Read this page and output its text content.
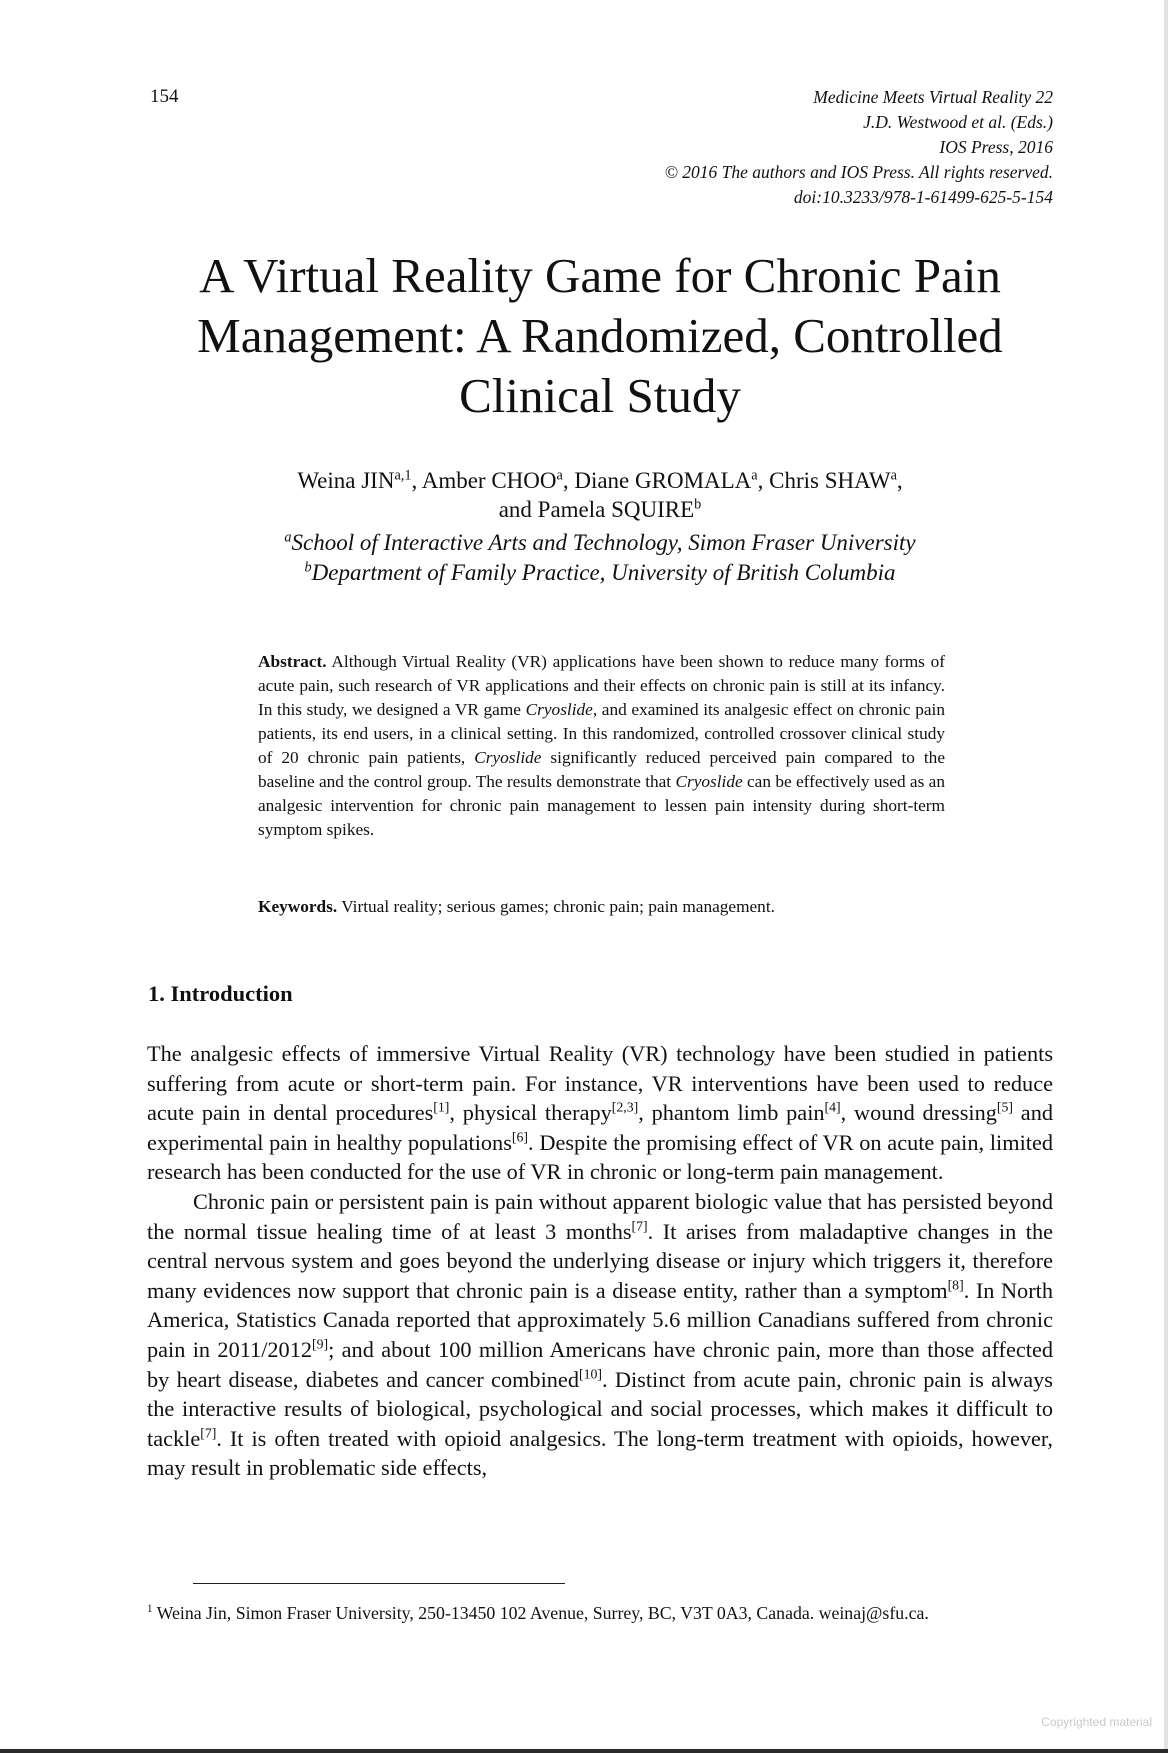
154	Medicine Meets Virtual Reality 22
J.D. Westwood et al. (Eds.)
IOS Press, 2016
© 2016 The authors and IOS Press. All rights reserved.
doi:10.3233/978-1-61499-625-5-154
A Virtual Reality Game for Chronic Pain
Management: A Randomized, Controlled
Clinical Study
Weina JIN$^{a,1}$, Amber CHOO$^a$, Diane GROMALA$^a$, Chris SHAW$^a$,
and Pamela SQUIRE$^b$
$^a$School of Interactive Arts and Technology, Simon Fraser University
$^b$Department of Family Practice, University of British Columbia
Abstract. Although Virtual Reality (VR) applications have been shown to reduce many forms of acute pain, such research of VR applications and their effects on chronic pain is still at its infancy. In this study, we designed a VR game Cryoslide, and examined its analgesic effect on chronic pain patients, its end users, in a clinical setting. In this randomized, controlled crossover clinical study of 20 chronic pain patients, Cryoslide significantly reduced perceived pain compared to the baseline and the control group. The results demonstrate that Cryoslide can be effectively used as an analgesic intervention for chronic pain management to lessen pain intensity during short-term symptom spikes.
Keywords. Virtual reality; serious games; chronic pain; pain management.
1. Introduction

The analgesic effects of immersive Virtual Reality (VR) technology have been studied in patients suffering from acute or short-term pain. For instance, VR interventions have been used to reduce acute pain in dental procedures[1], physical therapy[2,3], phantom limb pain[4], wound dressing[5] and experimental pain in healthy populations[6]. Despite the promising effect of VR on acute pain, limited research has been conducted for the use of VR in chronic or long-term pain management.

Chronic pain or persistent pain is pain without apparent biologic value that has persisted beyond the normal tissue healing time of at least 3 months[7]. It arises from maladaptive changes in the central nervous system and goes beyond the underlying disease or injury which triggers it, therefore many evidences now support that chronic pain is a disease entity, rather than a symptom[8]. In North America, Statistics Canada reported that approximately 5.6 million Canadians suffered from chronic pain in 2011/2012[9]; and about 100 million Americans have chronic pain, more than those affected by heart disease, diabetes and cancer combined[10]. Distinct from acute pain, chronic pain is always the interactive results of biological, psychological and social processes, which makes it difficult to tackle[7]. It is often treated with opioid analgesics. The long-term treatment with opioids, however, may result in problematic side effects,

$^1$ Weina Jin, Simon Fraser University, 250-13450 102 Avenue, Surrey, BC, V3T 0A3, Canada. weinaj@sfu.ca.
Copyrighted material
